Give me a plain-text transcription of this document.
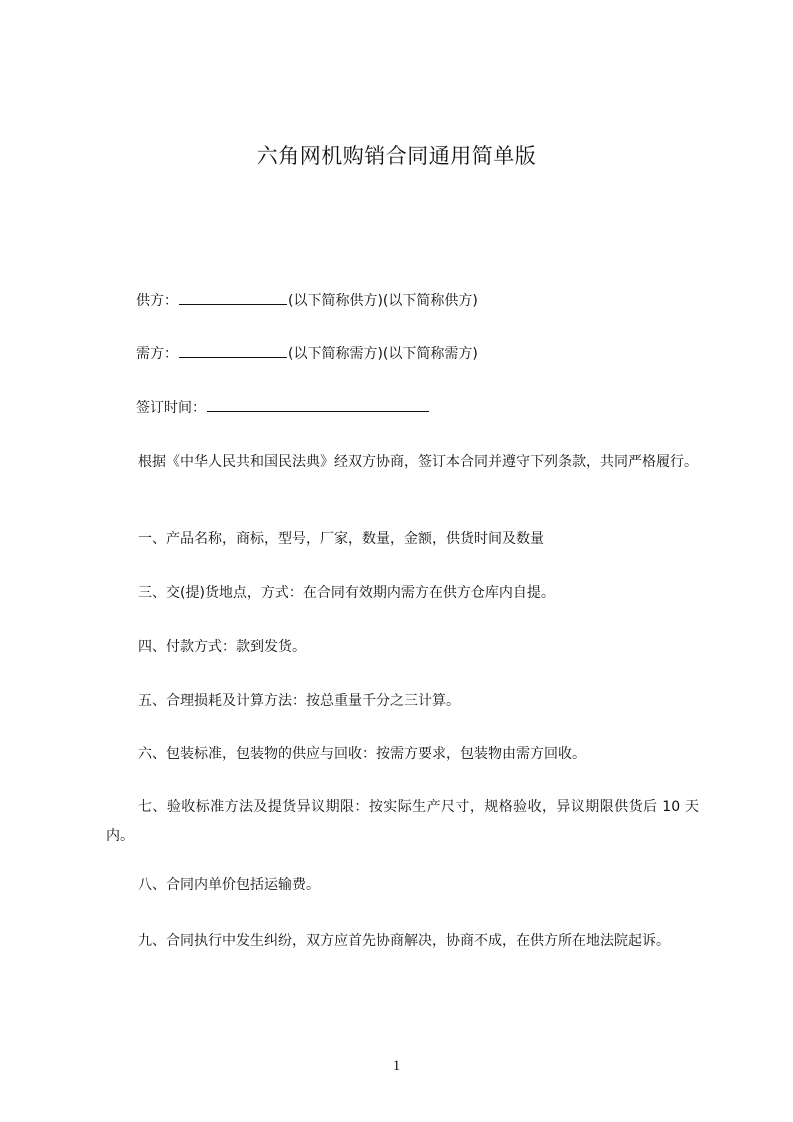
六角网机购销合同通用简单版
供方：	(以下简称供方)(以下简称供方)
需方：	(以下简称需方)(以下简称需方)
签订时间：
根据《中华人民共和国民法典》经双方协商，签订本合同并遵守下列条款，共同严格履行。
一、产品名称，商标，型号，厂家，数量，金额，供货时间及数量
三、交(提)货地点，方式：在合同有效期内需方在供方仓库内自提。
四、付款方式：款到发货。
五、合理损耗及计算方法：按总重量千分之三计算。
六、包装标准，包装物的供应与回收：按需方要求，包装物由需方回收。
七、验收标准方法及提货异议期限：按实际生产尺寸，规格验收，异议期限供货后 10 天内。
八、合同内单价包括运输费。
九、合同执行中发生纠纷，双方应首先协商解决，协商不成，在供方所在地法院起诉。
1
